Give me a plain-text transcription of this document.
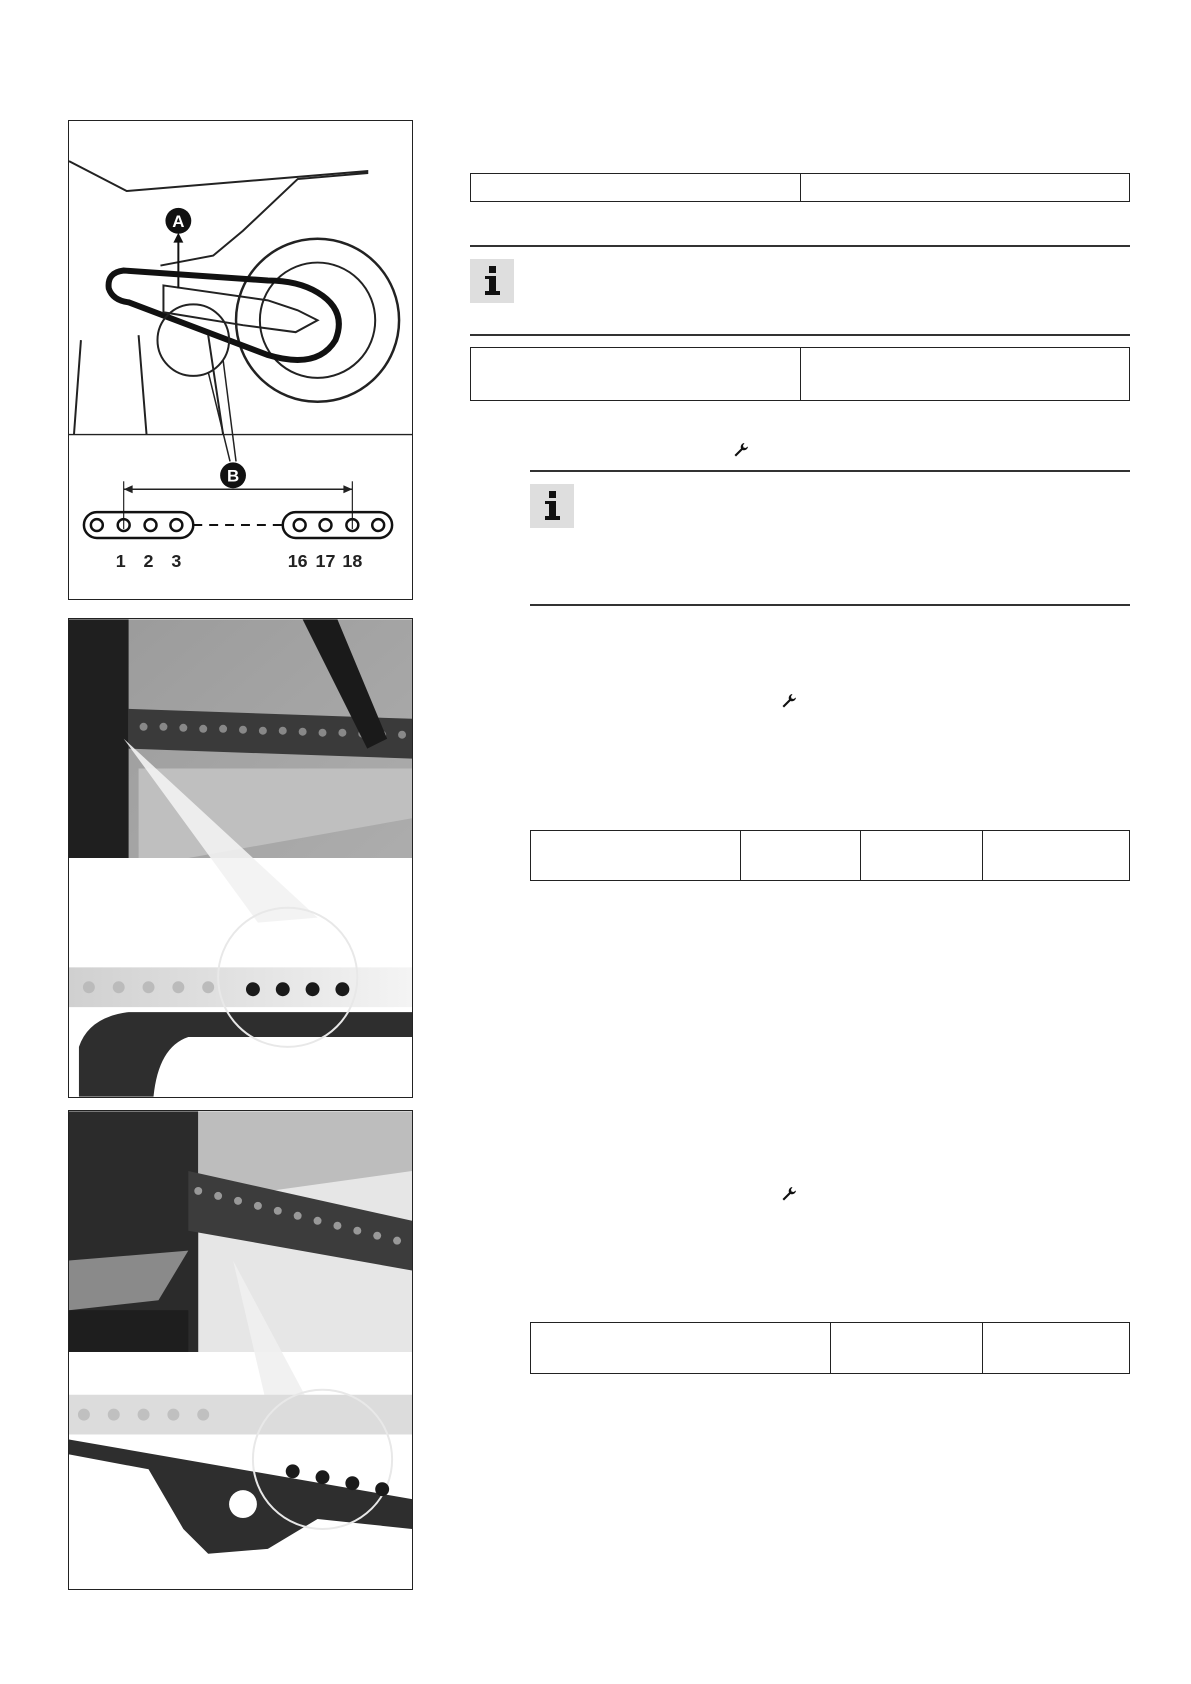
A
B
1 2 3	16 17 18
